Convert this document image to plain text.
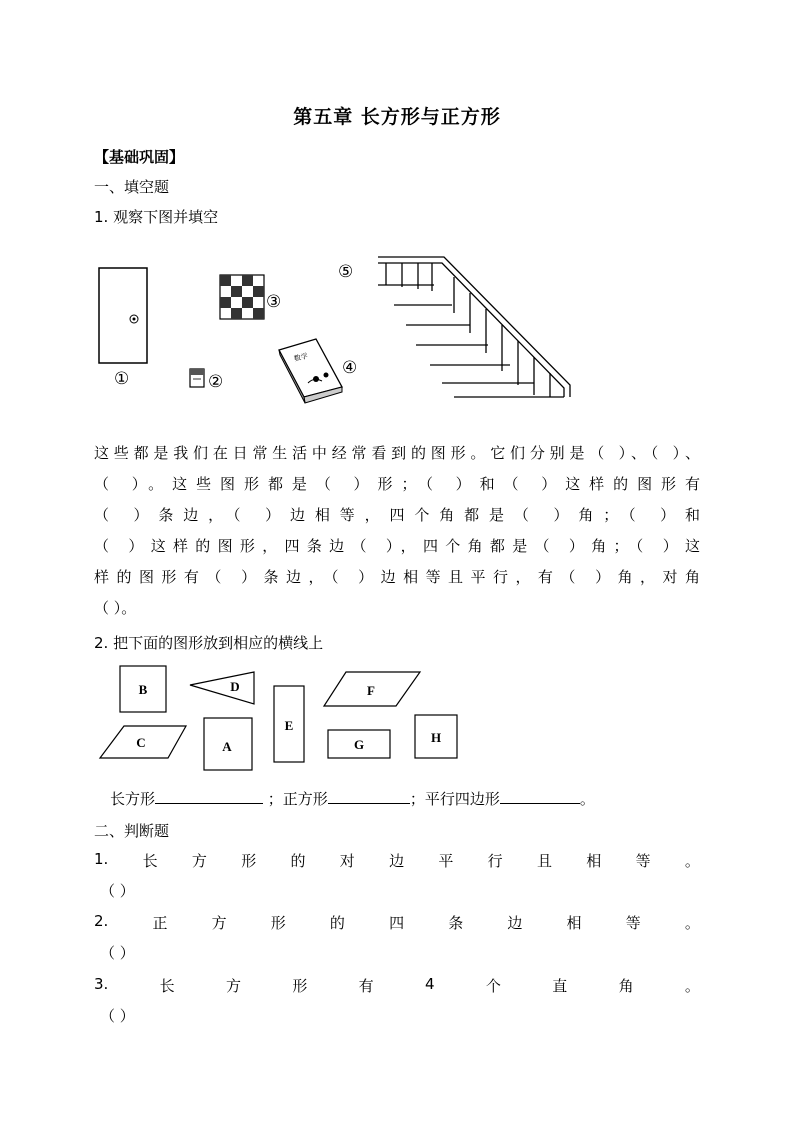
第五章 长方形与正方形
【基础巩固】
一、填空题
1. 观察下图并填空
①	②
③
数学
④
⑤

这些都是我们在日常生活中经常看到的图形。它们分别是（ ）、（ ）、

（ ）。这些图形都是（ ）形；（ ）和（ ）这样的图形有

（ ）条边，（ ）边相等，四个角都是（ ）角；（ ）和

（ ）这样的图形，四条边（ ），四个角都是（ ）角；（ ）这

样的图形有（ ）条边，（ ）边相等且平行，有（ ）角，对角

（ ）。

2. 把下面的图形放到相应的横线上
B	D	F
C	A
E
G	H
长方形	；正方形	；平行四边形	。
二、判断题
1. 长 方 形 的 对 边 平 行 且 相 等 。
（ ）
2.	正	方	形	的	四	条	边	相	等	。
（ ）
3.	长	方	形	有	4	个	直	角	。
（ ）
